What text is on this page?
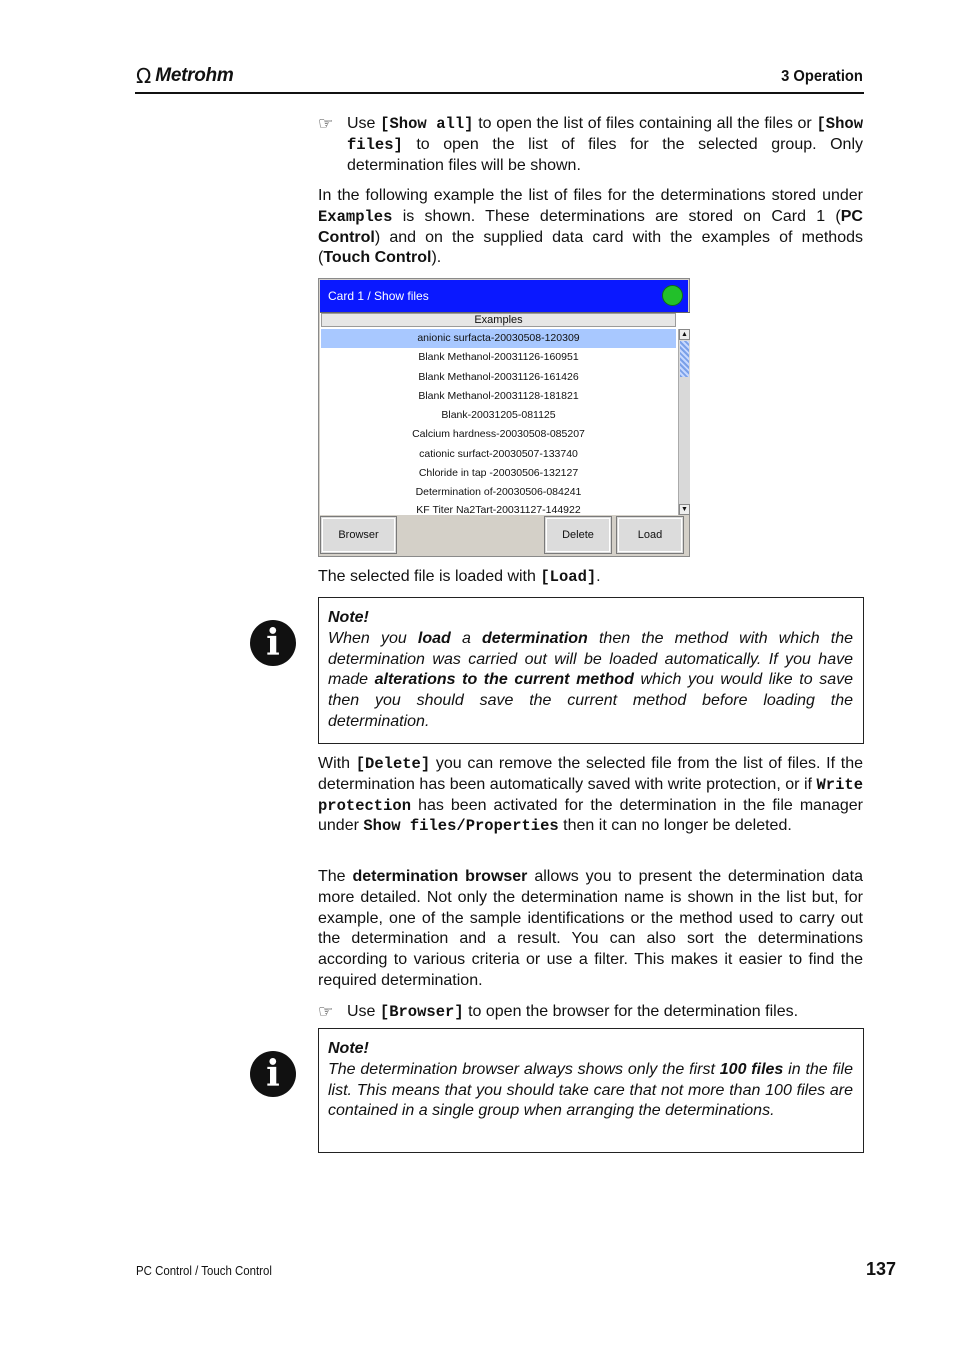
Ω Metrohm	3 Operation
☞ Use [Show all] to open the list of files containing all the files or [Show files] to open the list of files for the selected group. Only determination files will be shown.
In the following example the list of files for the determinations stored under Examples is shown. These determinations are stored on Card 1 (PC Control) and on the supplied data card with the examples of methods (Touch Control).
Card 1 / Show files
Examples
anionic surfacta-20030508-120309
Blank Methanol-20031126-160951
Blank Methanol-20031126-161426
Blank Methanol-20031128-181821
Blank-20031205-081125
Calcium hardness-20030508-085207
cationic surfact-20030507-133740
Chloride in tap -20030506-132127
Determination of-20030506-084241
KF Titer Na2Tart-20031127-144922
▲
▼
Browser	Delete	Load
The selected file is loaded with [Load].
i
Note!
When you load a determination then the method with which the determination was carried out will be loaded automatically. If you have made alterations to the current method which you would like to save then you should save the current method before loading the determination.
With [Delete] you can remove the selected file from the list of files. If the determination has been automatically saved with write protection, or if Write protection has been activated for the determination in the file manager under Show files/Properties then it can no longer be deleted.
The determination browser allows you to present the determination data more detailed. Not only the determination name is shown in the list but, for example, one of the sample identifications or the method used to carry out the determination and a result. You can also sort the determinations according to various criteria or use a filter. This makes it easier to find the required determination.
☞ Use [Browser] to open the browser for the determination files.
i
Note!
The determination browser always shows only the first 100 files in the file list. This means that you should take care that not more than 100 files are contained in a single group when arranging the determinations.
PC Control / Touch Control	137
